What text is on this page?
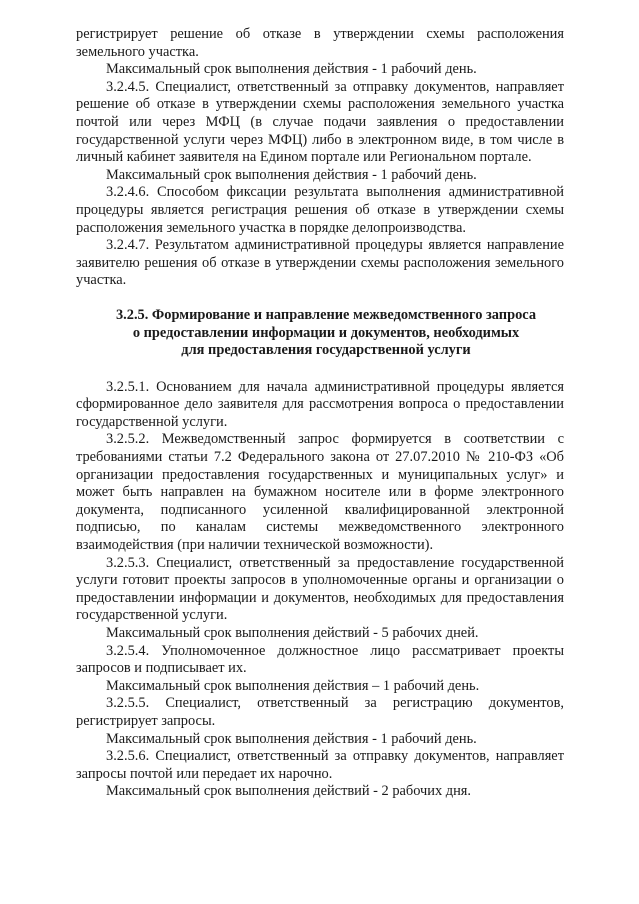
регистрирует решение об отказе в утверждении схемы расположения земельного участка.

Максимальный срок выполнения действия - 1 рабочий день.

3.2.4.5. Специалист, ответственный за отправку документов, направляет решение об отказе в утверждении схемы расположения земельного участка почтой или через МФЦ (в случае подачи заявления о предоставлении государственной услуги через МФЦ) либо в электронном виде, в том числе в личный кабинет заявителя на Едином портале или Региональном портале.

Максимальный срок выполнения действия - 1 рабочий день.

3.2.4.6. Способом фиксации результата выполнения административной процедуры является регистрация решения об отказе в утверждении схемы расположения земельного участка в порядке делопроизводства.

3.2.4.7. Результатом административной процедуры является направление заявителю решения об отказе в утверждении схемы расположения земельного участка.

3.2.5. Формирование и направление межведомственного запроса

о предоставлении информации и документов, необходимых

для предоставления государственной услуги

3.2.5.1. Основанием для начала административной процедуры является сформированное дело заявителя для рассмотрения вопроса о предоставлении государственной услуги.

3.2.5.2. Межведомственный запрос формируется в соответствии с требованиями статьи 7.2 Федерального закона от 27.07.2010 № 210-ФЗ «Об организации предоставления государственных и муниципальных услуг» и может быть направлен на бумажном носителе или в форме электронного документа, подписанного усиленной квалифицированной электронной подписью, по каналам системы межведомственного электронного взаимодействия (при наличии технической возможности).

3.2.5.3. Специалист, ответственный за предоставление государственной услуги готовит проекты запросов в уполномоченные органы и организации о предоставлении информации и документов, необходимых для предоставления государственной услуги.

Максимальный срок выполнения действий - 5 рабочих дней.

3.2.5.4. Уполномоченное должностное лицо рассматривает проекты запросов и подписывает их.

Максимальный срок выполнения действия – 1 рабочий день.

3.2.5.5. Специалист, ответственный за регистрацию документов, регистрирует запросы.

Максимальный срок выполнения действия - 1 рабочий день.

3.2.5.6. Специалист, ответственный за отправку документов, направляет запросы почтой или передает их нарочно.

Максимальный срок выполнения действий - 2 рабочих дня.
